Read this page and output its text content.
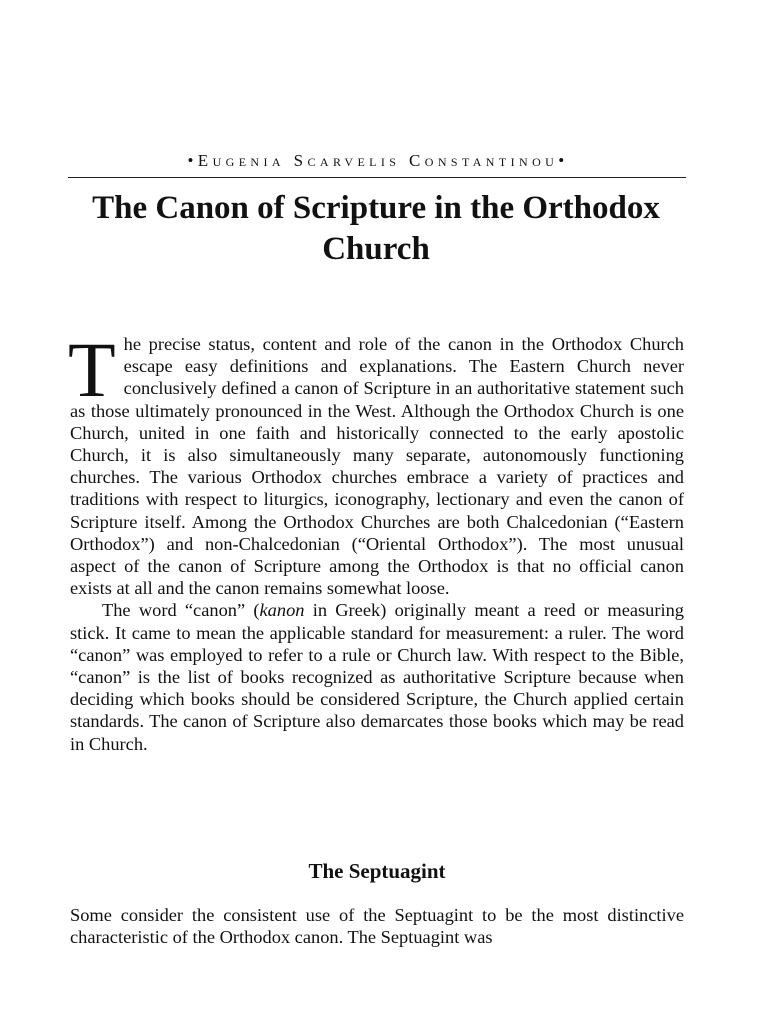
•Eugenia Scarvelis Constantinou•
The Canon of Scripture in the Orthodox Church

The precise status, content and role of the canon in the Orthodox Church escape easy definitions and explanations. The Eastern Church never conclusively defined a canon of Scripture in an authoritative statement such as those ultimately pronounced in the West. Although the Orthodox Church is one Church, united in one faith and historically connected to the early apostolic Church, it is also simultaneously many separate, autonomously functioning churches. The various Orthodox churches embrace a variety of practices and traditions with respect to liturgics, iconography, lectionary and even the canon of Scripture itself. Among the Orthodox Churches are both Chalcedonian (“Eastern Orthodox”) and non-Chalcedonian (“Oriental Orthodox”). The most unusual aspect of the canon of Scripture among the Orthodox is that no official canon exists at all and the canon remains somewhat loose.

The word “canon” (kanon in Greek) originally meant a reed or measuring stick. It came to mean the applicable standard for measurement: a ruler. The word “canon” was employed to refer to a rule or Church law. With respect to the Bible, “canon” is the list of books recognized as authoritative Scripture because when deciding which books should be considered Scripture, the Church applied certain standards. The canon of Scripture also demarcates those books which may be read in Church.

The Septuagint

Some consider the consistent use of the Septuagint to be the most distinctive characteristic of the Orthodox canon. The Septuagint was
